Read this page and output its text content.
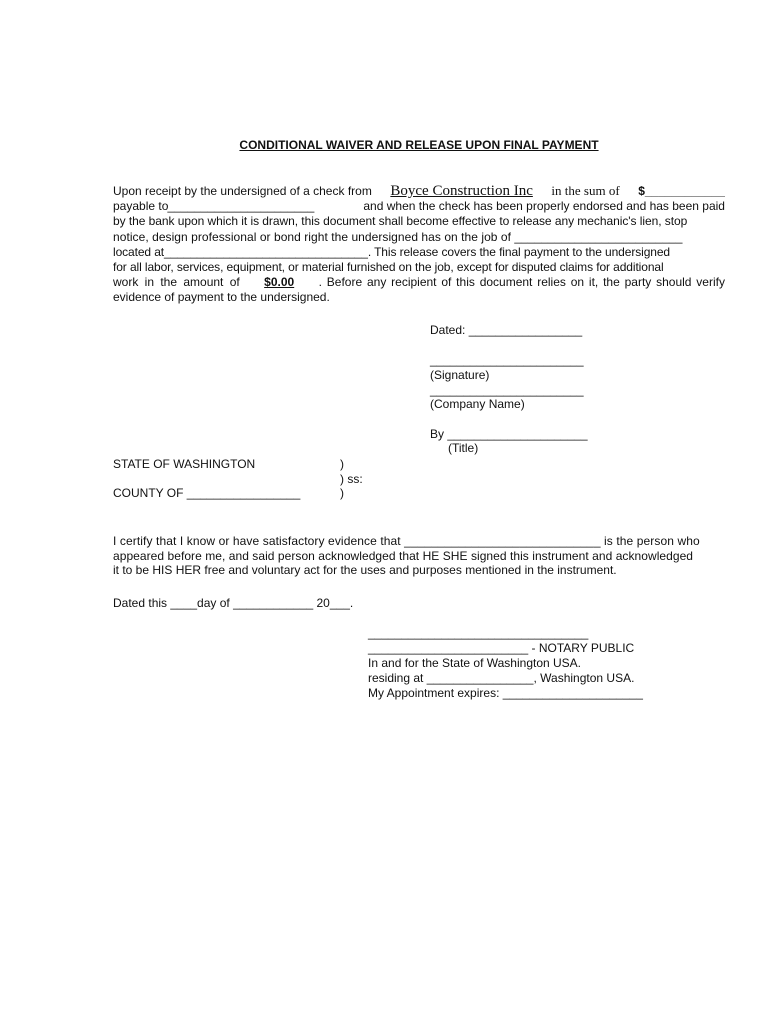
CONDITIONAL WAIVER AND RELEASE UPON FINAL PAYMENT
Upon receipt by the undersigned of a check from Boyce Construction Inc in the sum of $____________
payable to ______________________	and when the check has been properly endorsed and has been paid
by the bank upon which it is drawn, this document shall become effective to release any mechanic's lien, stop
notice, design professional or bond right the undersigned has on the job of _________________________
located at_______________________________. This release covers the final payment to the undersigned
for all labor, services, equipment, or material furnished on the job, except for disputed claims for additional
work in the amount of $0.00 . Before any recipient of this document relies on it, the party should verify
evidence of payment to the undersigned.
Dated: _________________
_______________________
(Signature)
_______________________
(Company Name)
By _____________________
(Title)
STATE OF WASHINGTON
COUNTY OF _________________
)
) ss:
)
I certify that I know or have satisfactory evidence that _____________________________ is the person who
appeared before me, and said person acknowledged that HE SHE signed this instrument and acknowledged
it to be HIS HER free and voluntary act for the uses and purposes mentioned in the instrument.
Dated this ____day of ____________ 20___.
_________________________________
________________________ - NOTARY PUBLIC
In and for the State of Washington USA.
residing at ________________, Washington USA.
My Appointment expires: _____________________
